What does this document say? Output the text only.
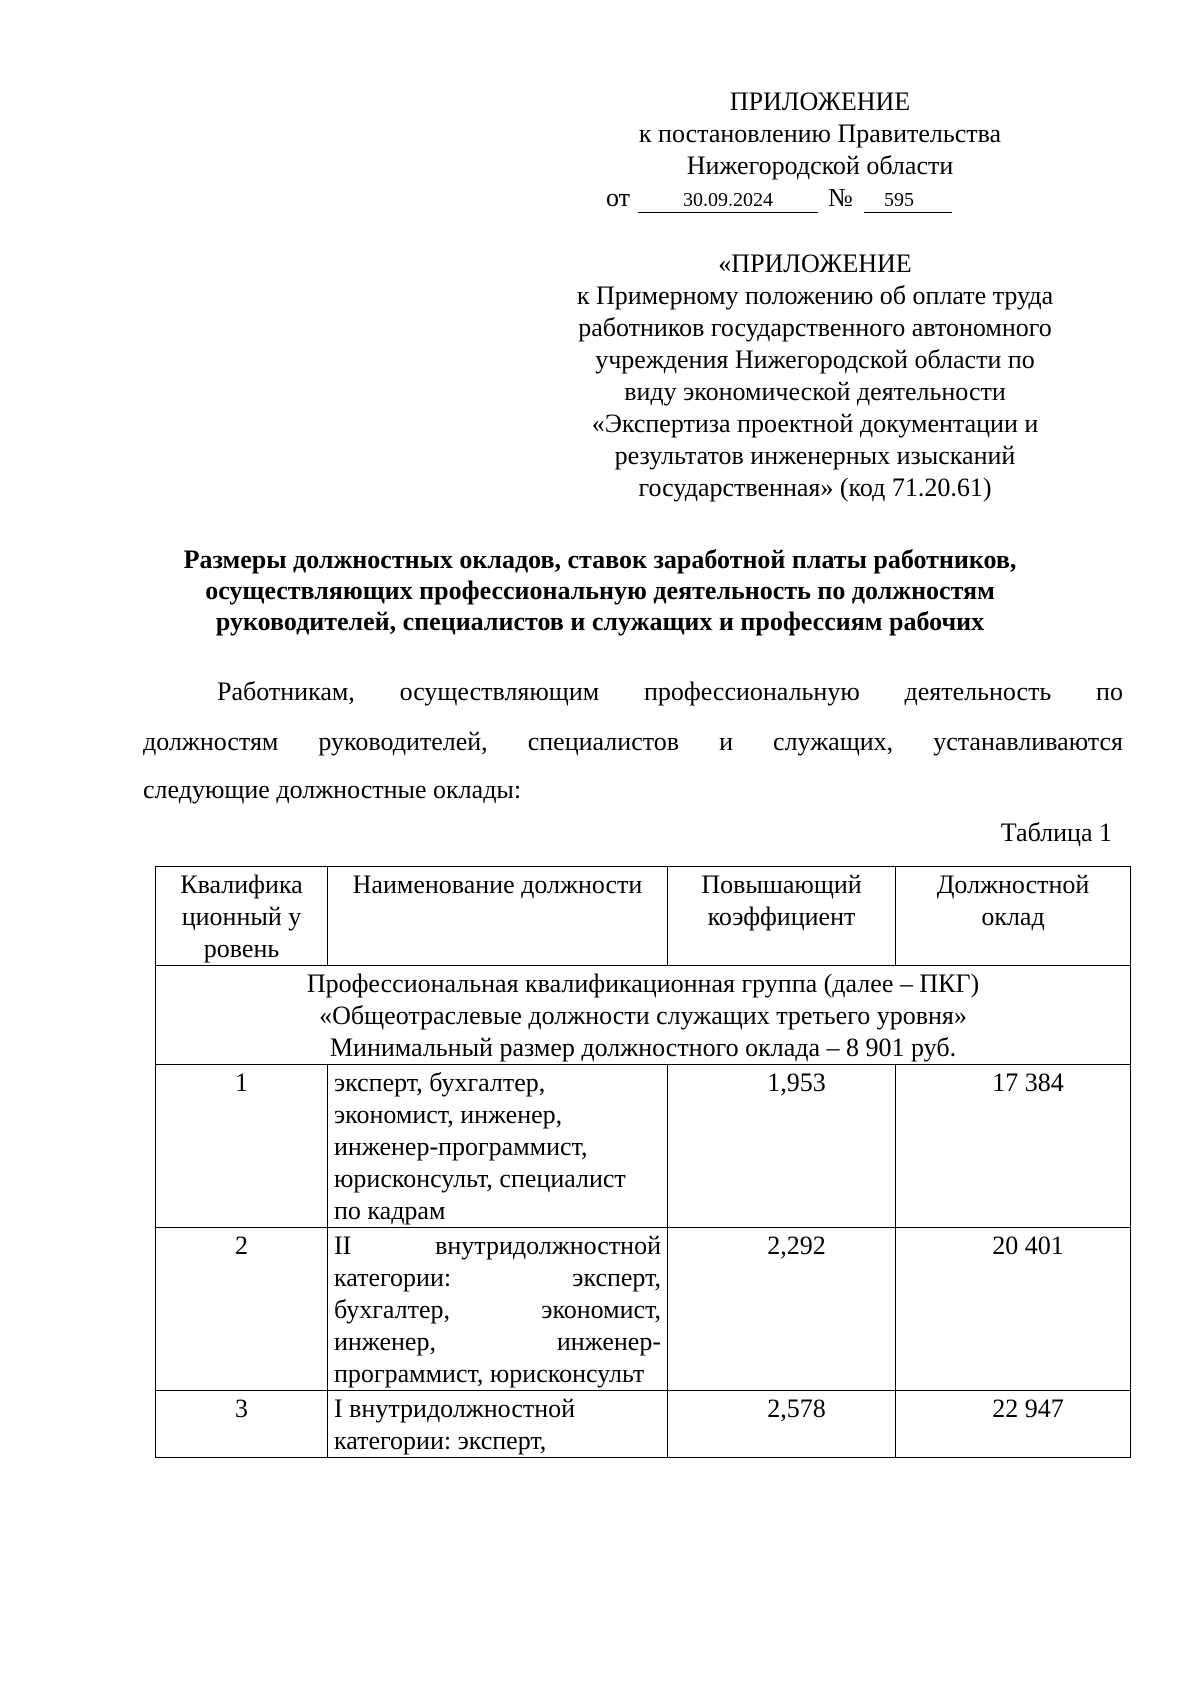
ПРИЛОЖЕНИЕ
к постановлению Правительства
Нижегородской области
от	30.09.2024	№	595
«ПРИЛОЖЕНИЕ
к Примерному положению об оплате труда
работников государственного автономного
учреждения Нижегородской области по
виду экономической деятельности
«Экспертиза проектной документации и
результатов инженерных изысканий
государственная» (код 71.20.61)
Размеры должностных окладов, ставок заработной платы работников,
осуществляющих профессиональную деятельность по должностям
руководителей, специалистов и служащих и профессиям рабочих
Работникам, осуществляющим профессиональную деятельность по
должностям руководителей, специалистов и служащих, устанавливаются
следующие должностные оклады:
Таблица 1
Квалификационный уровень	Наименование должности	Повышающий коэффициент	Должностной оклад

Профессиональная квалификационная группа (далее – ПКГ)
«Общеотраслевые должности служащих третьего уровня»
Минимальный размер должностного оклада – 8 901 руб.			

1	эксперт, бухгалтер, экономист, инженер, инженер-программист, юрисконсульт, специалист по кадрам	1,953	17 384
2	II внутридолжностной категории: эксперт, бухгалтер, экономист, инженер, инженер-программист, юрисконсульт	2,292	20 401
3	I внутридолжностной категории: эксперт,	2,578	22 947
